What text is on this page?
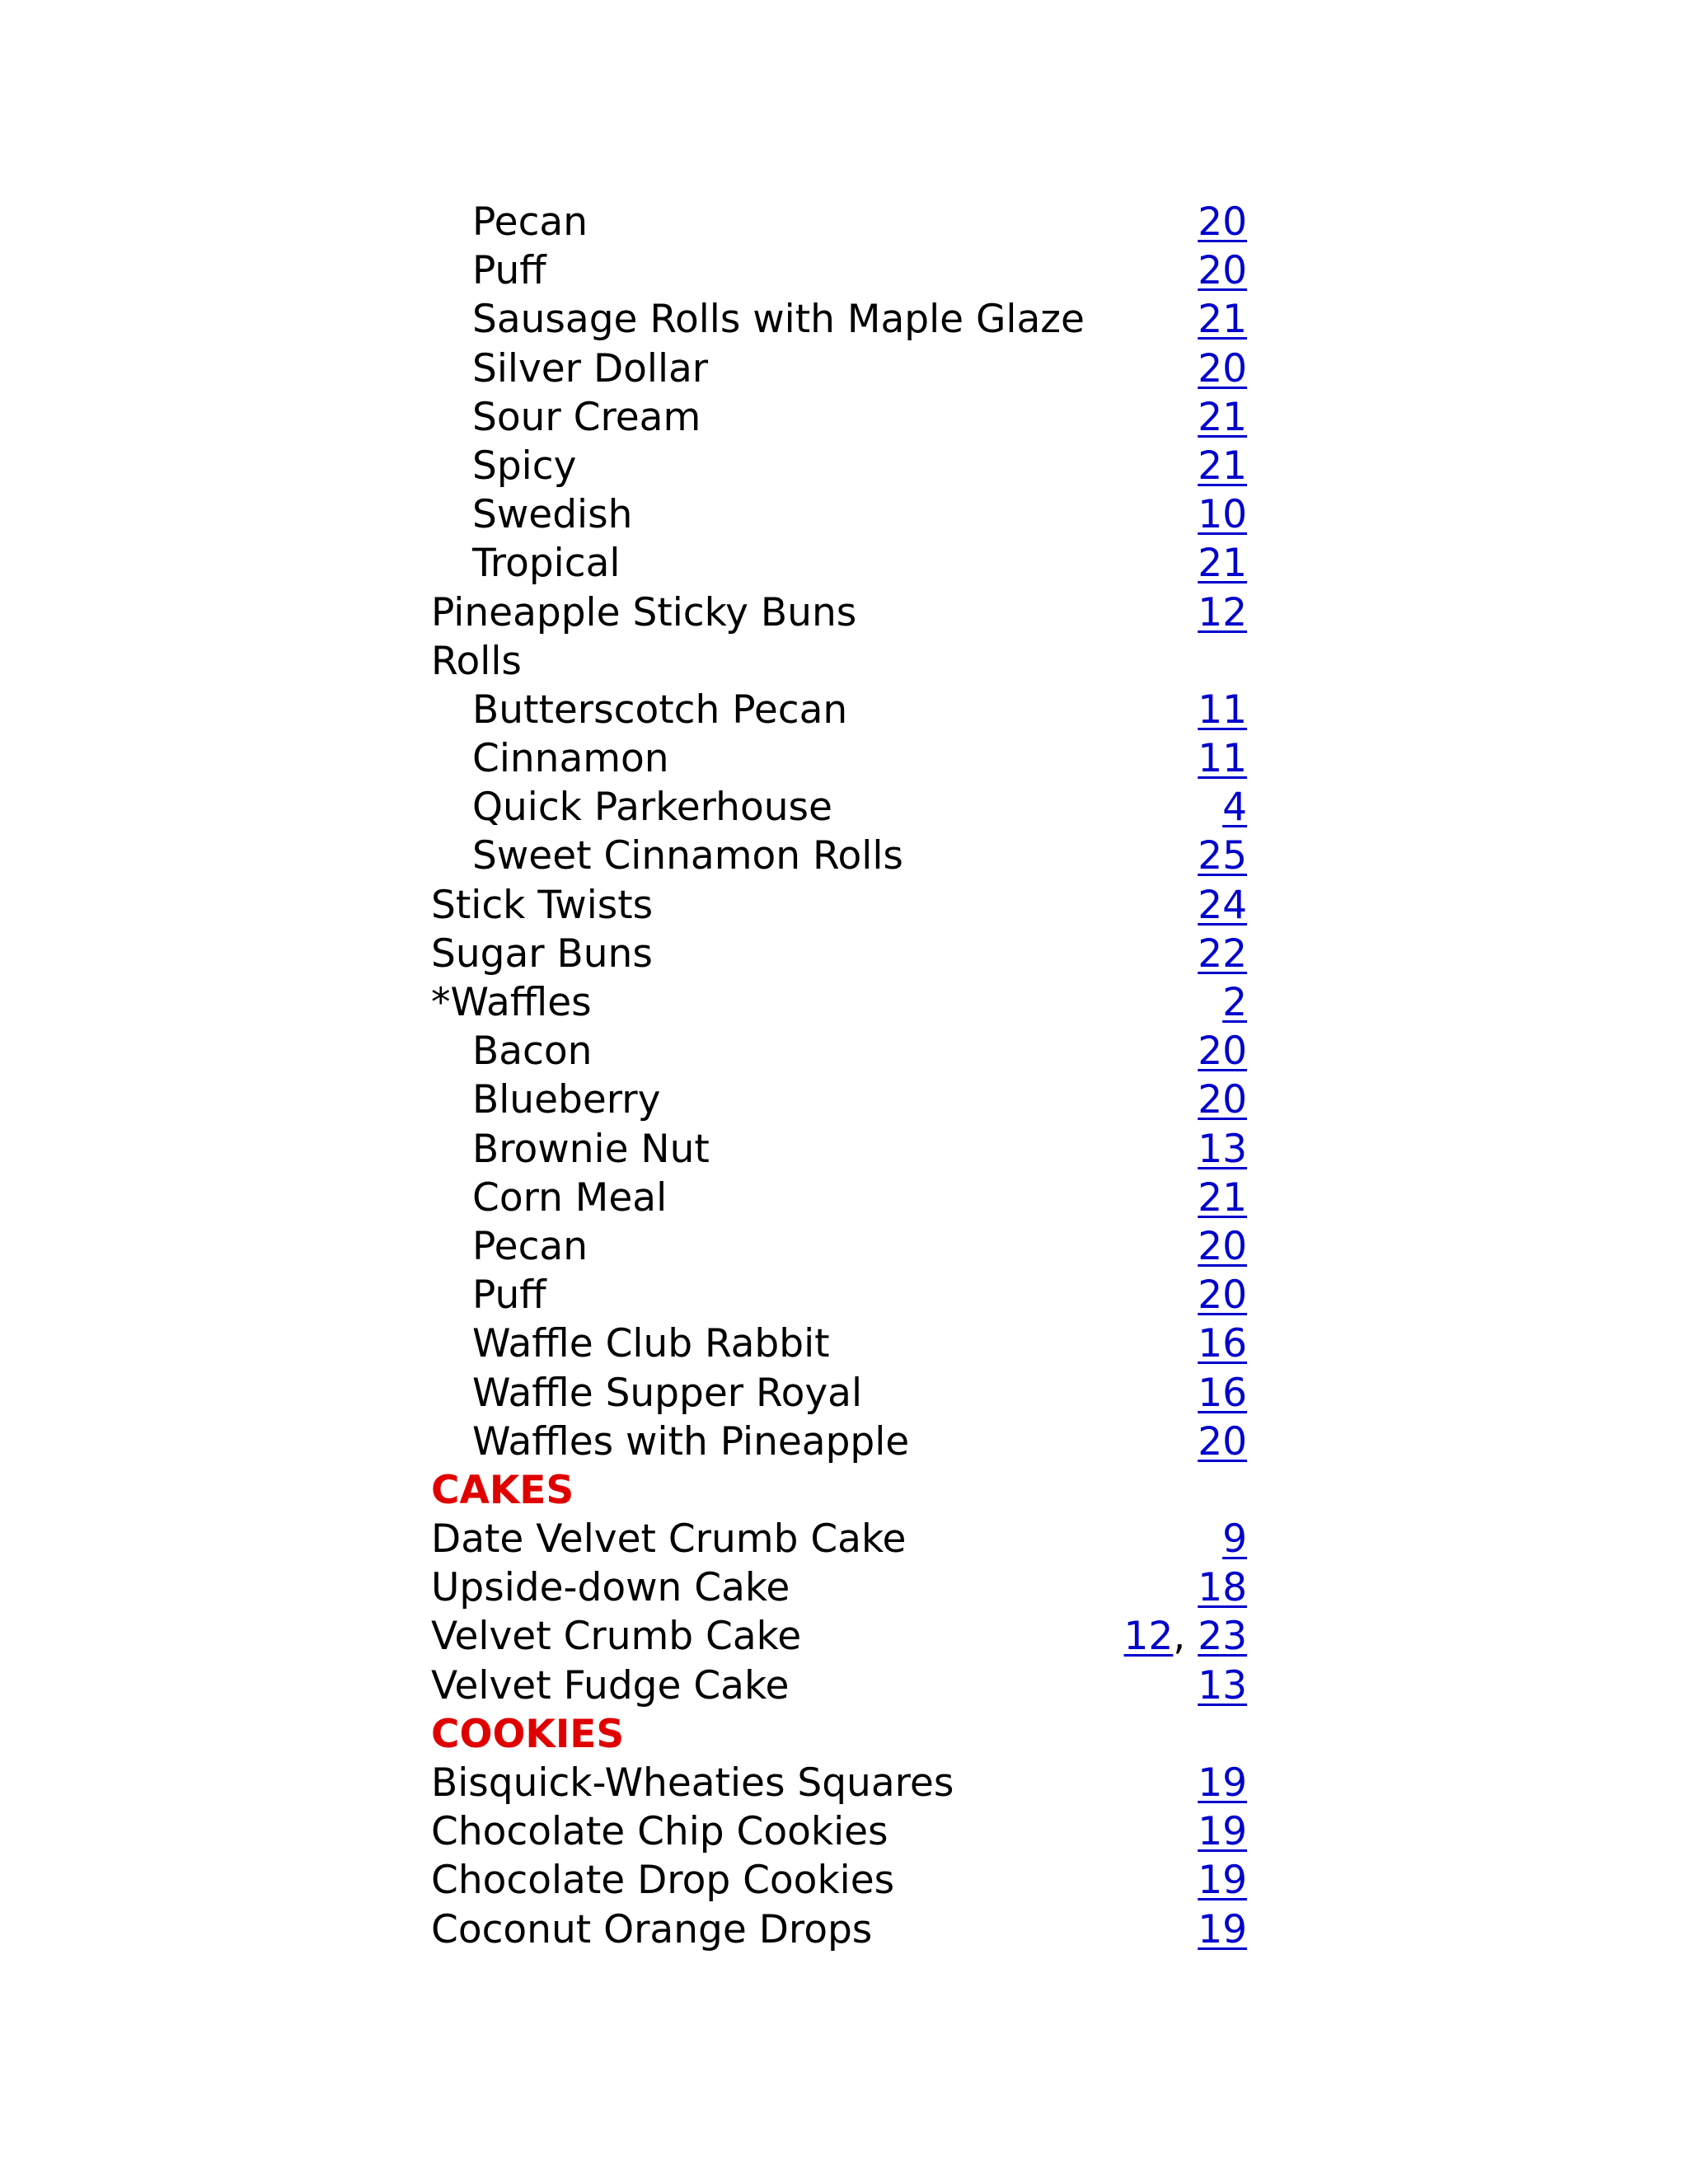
Pecan	20
Puff	20
Sausage Rolls with Maple Glaze	21
Silver Dollar	20
Sour Cream	21
Spicy	21
Swedish	10
Tropical	21
Pineapple Sticky Buns	12
Rolls
Butterscotch Pecan	11
Cinnamon	11
Quick Parkerhouse	4
Sweet Cinnamon Rolls	25
Stick Twists	24
Sugar Buns	22
*Waffles	2
Bacon	20
Blueberry	20
Brownie Nut	13
Corn Meal	21
Pecan	20
Puff	20
Waffle Club Rabbit	16
Waffle Supper Royal	16
Waffles with Pineapple	20
CAKES
Date Velvet Crumb Cake	9
Upside-down Cake	18
Velvet Crumb Cake	12, 23
Velvet Fudge Cake	13
COOKIES
Bisquick-Wheaties Squares	19
Chocolate Chip Cookies	19
Chocolate Drop Cookies	19
Coconut Orange Drops	19
